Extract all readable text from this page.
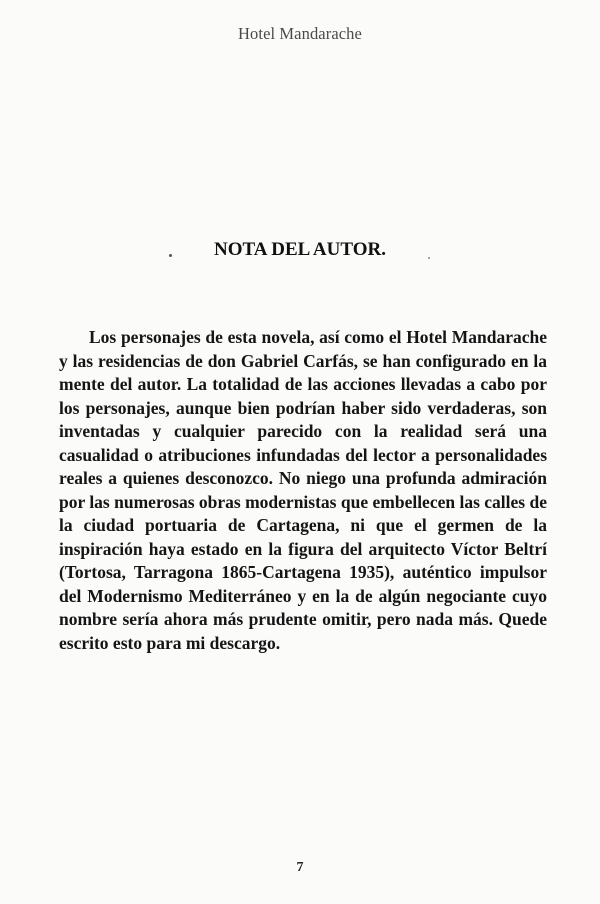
Hotel Mandarache
NOTA DEL AUTOR.

Los personajes de esta novela, así como el Hotel Mandarache y las residencias de don Gabriel Carfás, se han configurado en la mente del autor. La totalidad de las acciones llevadas a cabo por los personajes, aunque bien podrían haber sido verdaderas, son inventadas y cualquier parecido con la realidad será una casualidad o atribuciones infundadas del lector a personalidades reales a quienes desconozco. No niego una profunda admiración por las numerosas obras modernistas que embellecen las calles de la ciudad portuaria de Cartagena, ni que el germen de la inspiración haya estado en la figura del arquitecto Víctor Beltrí (Tortosa, Tarragona 1865-Cartagena 1935), auténtico impulsor del Modernismo Mediterráneo y en la de algún negociante cuyo nombre sería ahora más prudente omitir, pero nada más. Quede escrito esto para mi descargo.

7
